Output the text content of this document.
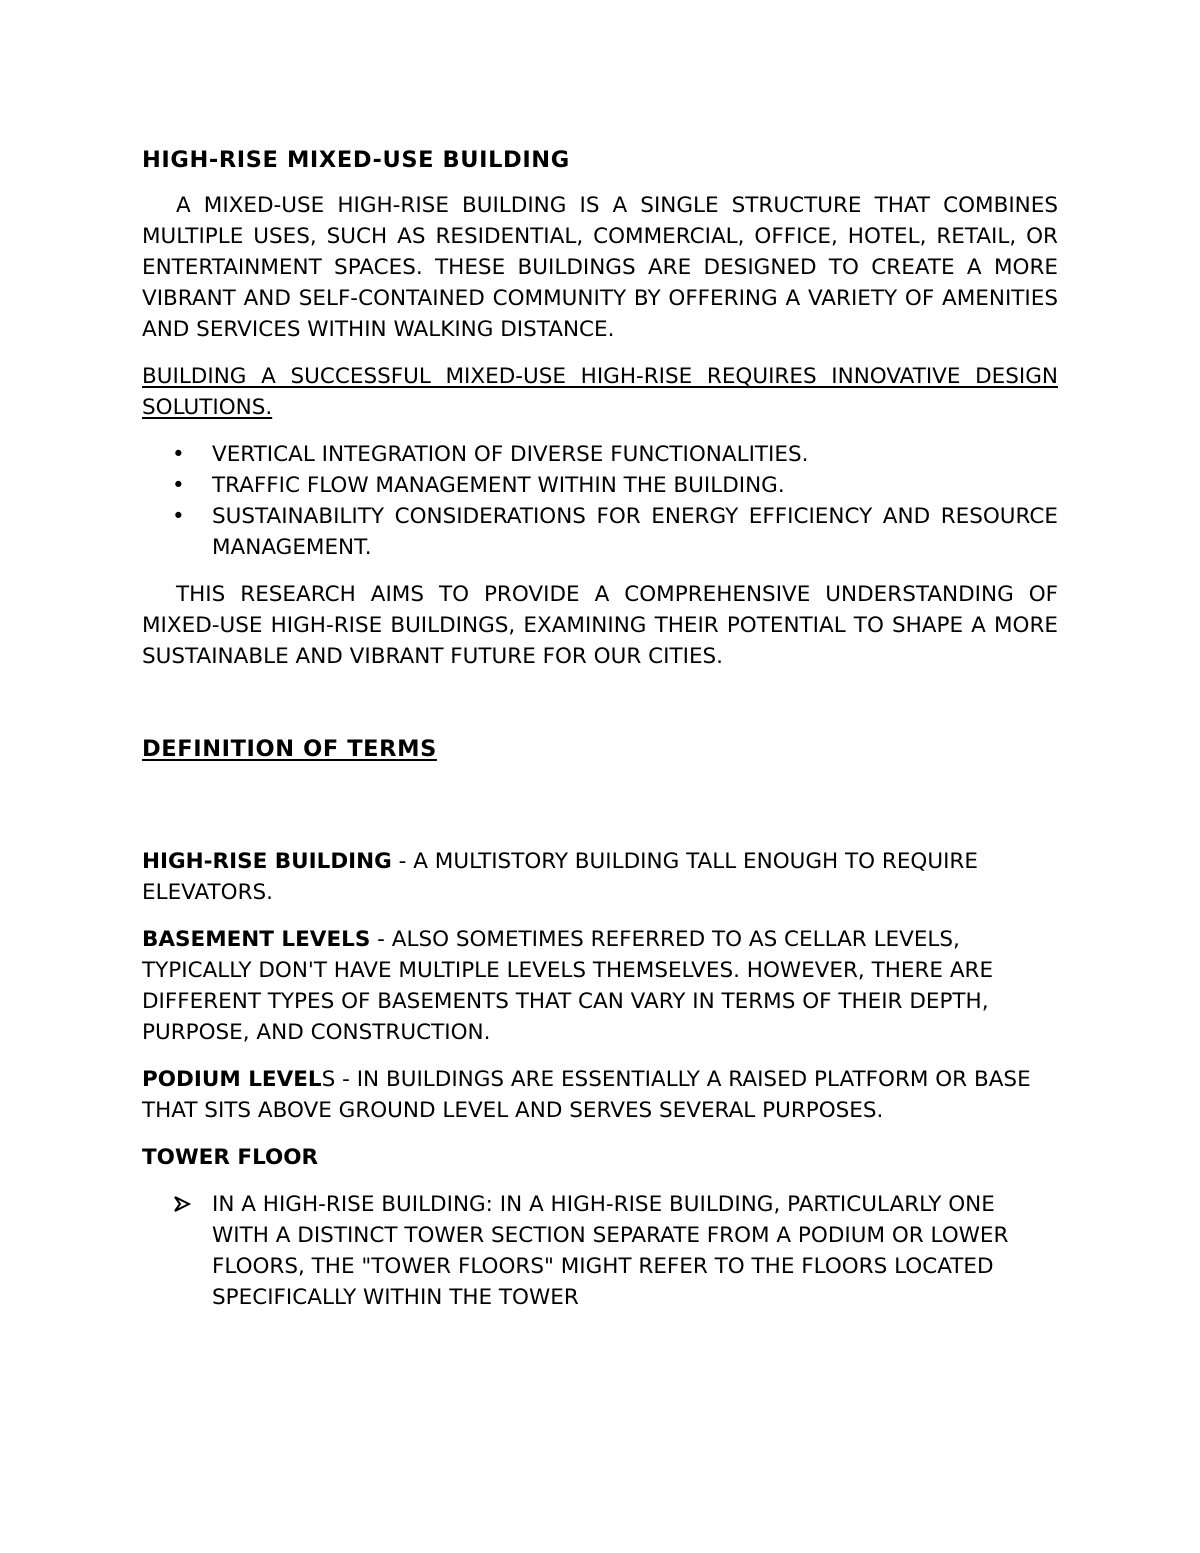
HIGH-RISE MIXED-USE BUILDING

A MIXED-USE HIGH-RISE BUILDING IS A SINGLE STRUCTURE THAT COMBINES MULTIPLE USES, SUCH AS RESIDENTIAL, COMMERCIAL, OFFICE, HOTEL, RETAIL, OR ENTERTAINMENT SPACES. THESE BUILDINGS ARE DESIGNED TO CREATE A MORE VIBRANT AND SELF-CONTAINED COMMUNITY BY OFFERING A VARIETY OF AMENITIES AND SERVICES WITHIN WALKING DISTANCE.

BUILDING A SUCCESSFUL MIXED-USE HIGH-RISE REQUIRES INNOVATIVE DESIGN SOLUTIONS.

• VERTICAL INTEGRATION OF DIVERSE FUNCTIONALITIES.
• TRAFFIC FLOW MANAGEMENT WITHIN THE BUILDING.
• SUSTAINABILITY CONSIDERATIONS FOR ENERGY EFFICIENCY AND RESOURCE MANAGEMENT.

THIS RESEARCH AIMS TO PROVIDE A COMPREHENSIVE UNDERSTANDING OF MIXED-USE HIGH-RISE BUILDINGS, EXAMINING THEIR POTENTIAL TO SHAPE A MORE SUSTAINABLE AND VIBRANT FUTURE FOR OUR CITIES.

DEFINITION OF TERMS

HIGH-RISE BUILDING - A MULTISTORY BUILDING TALL ENOUGH TO REQUIRE ELEVATORS.

BASEMENT LEVELS - ALSO SOMETIMES REFERRED TO AS CELLAR LEVELS, TYPICALLY DON'T HAVE MULTIPLE LEVELS THEMSELVES. HOWEVER, THERE ARE DIFFERENT TYPES OF BASEMENTS THAT CAN VARY IN TERMS OF THEIR DEPTH, PURPOSE, AND CONSTRUCTION.

PODIUM LEVELS - IN BUILDINGS ARE ESSENTIALLY A RAISED PLATFORM OR BASE THAT SITS ABOVE GROUND LEVEL AND SERVES SEVERAL PURPOSES.

TOWER FLOOR

IN A HIGH-RISE BUILDING: IN A HIGH-RISE BUILDING, PARTICULARLY ONE WITH A DISTINCT TOWER SECTION SEPARATE FROM A PODIUM OR LOWER FLOORS, THE "TOWER FLOORS" MIGHT REFER TO THE FLOORS LOCATED SPECIFICALLY WITHIN THE TOWER
